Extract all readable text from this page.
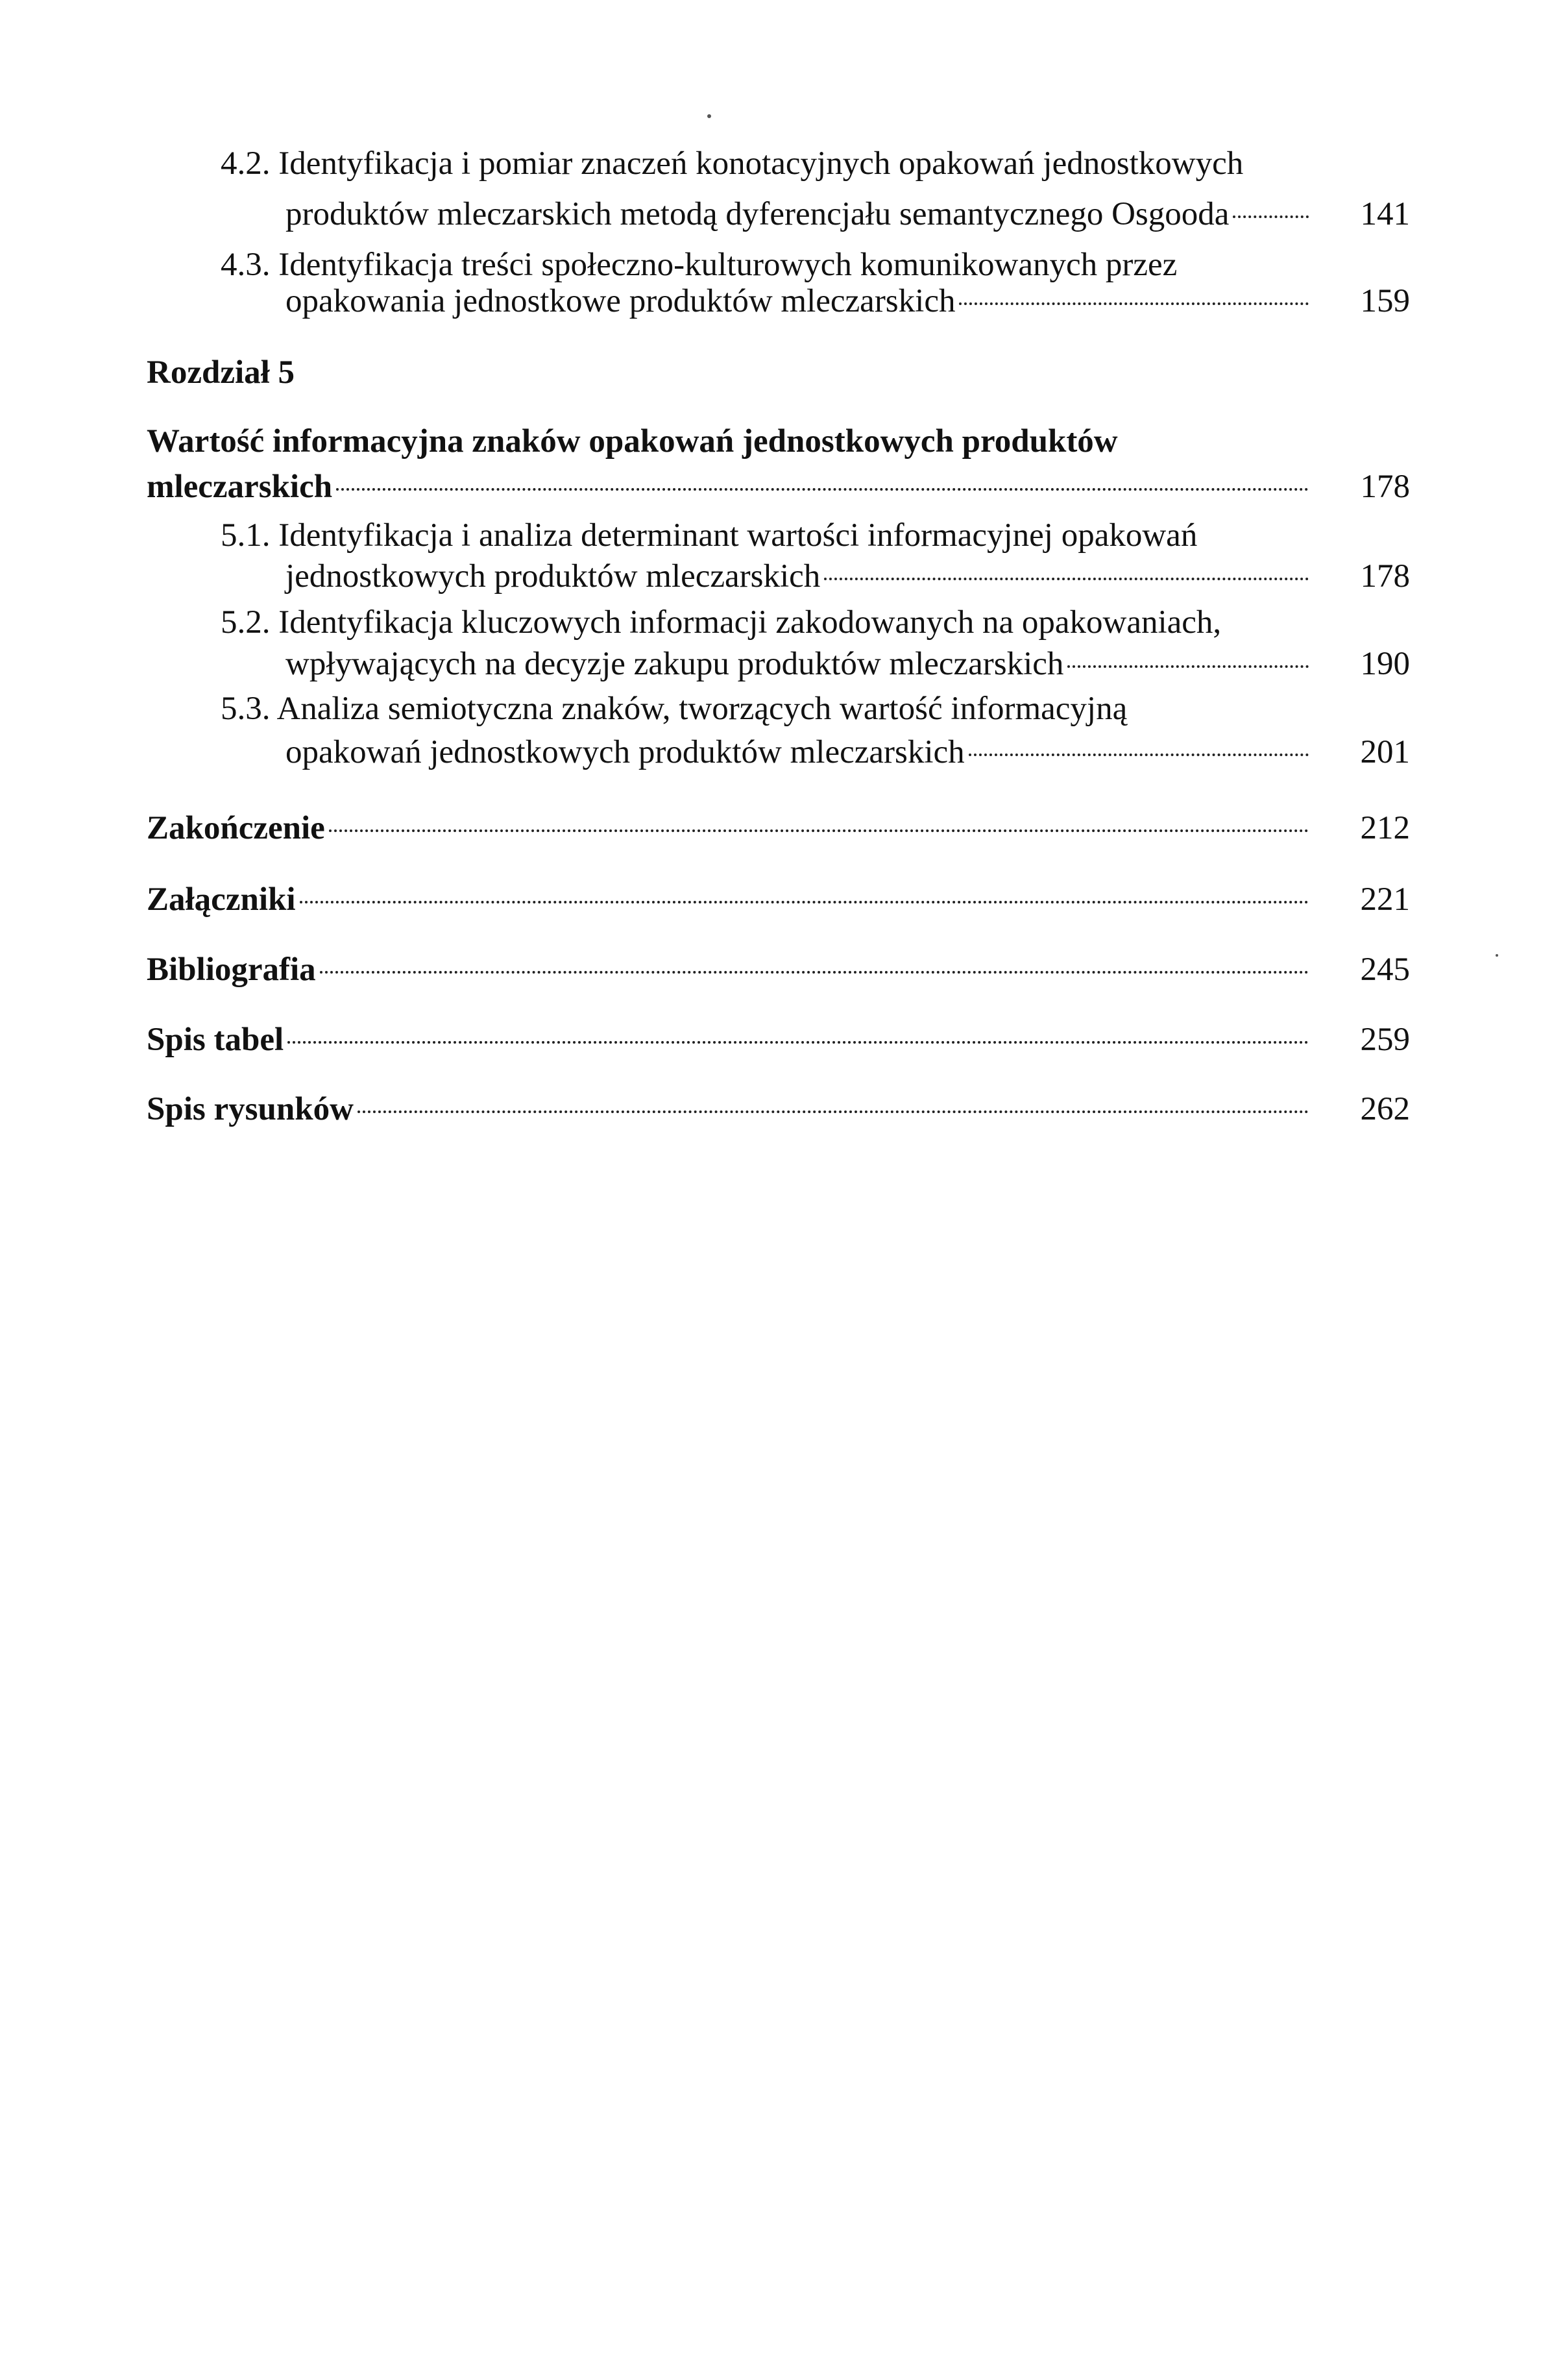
4.2. Identyfikacja i pomiar znaczeń konotacyjnych opakowań jednostkowych
produktów mleczarskich metodą dyferencjału semantycznego Osgooda	141
4.3. Identyfikacja treści społeczno-kulturowych komunikowanych przez
opakowania jednostkowe produktów mleczarskich	159
Rozdział 5
Wartość informacyjna znaków opakowań jednostkowych produktów
mleczarskich	178
5.1. Identyfikacja i analiza determinant wartości informacyjnej opakowań
jednostkowych produktów mleczarskich	178
5.2. Identyfikacja kluczowych informacji zakodowanych na opakowaniach,
wpływających na decyzje zakupu produktów mleczarskich	190
5.3. Analiza semiotyczna znaków, tworzących wartość informacyjną
opakowań jednostkowych produktów mleczarskich	201
Zakończenie	212
Załączniki	221
Bibliografia	245
Spis tabel	259
Spis rysunków	262
